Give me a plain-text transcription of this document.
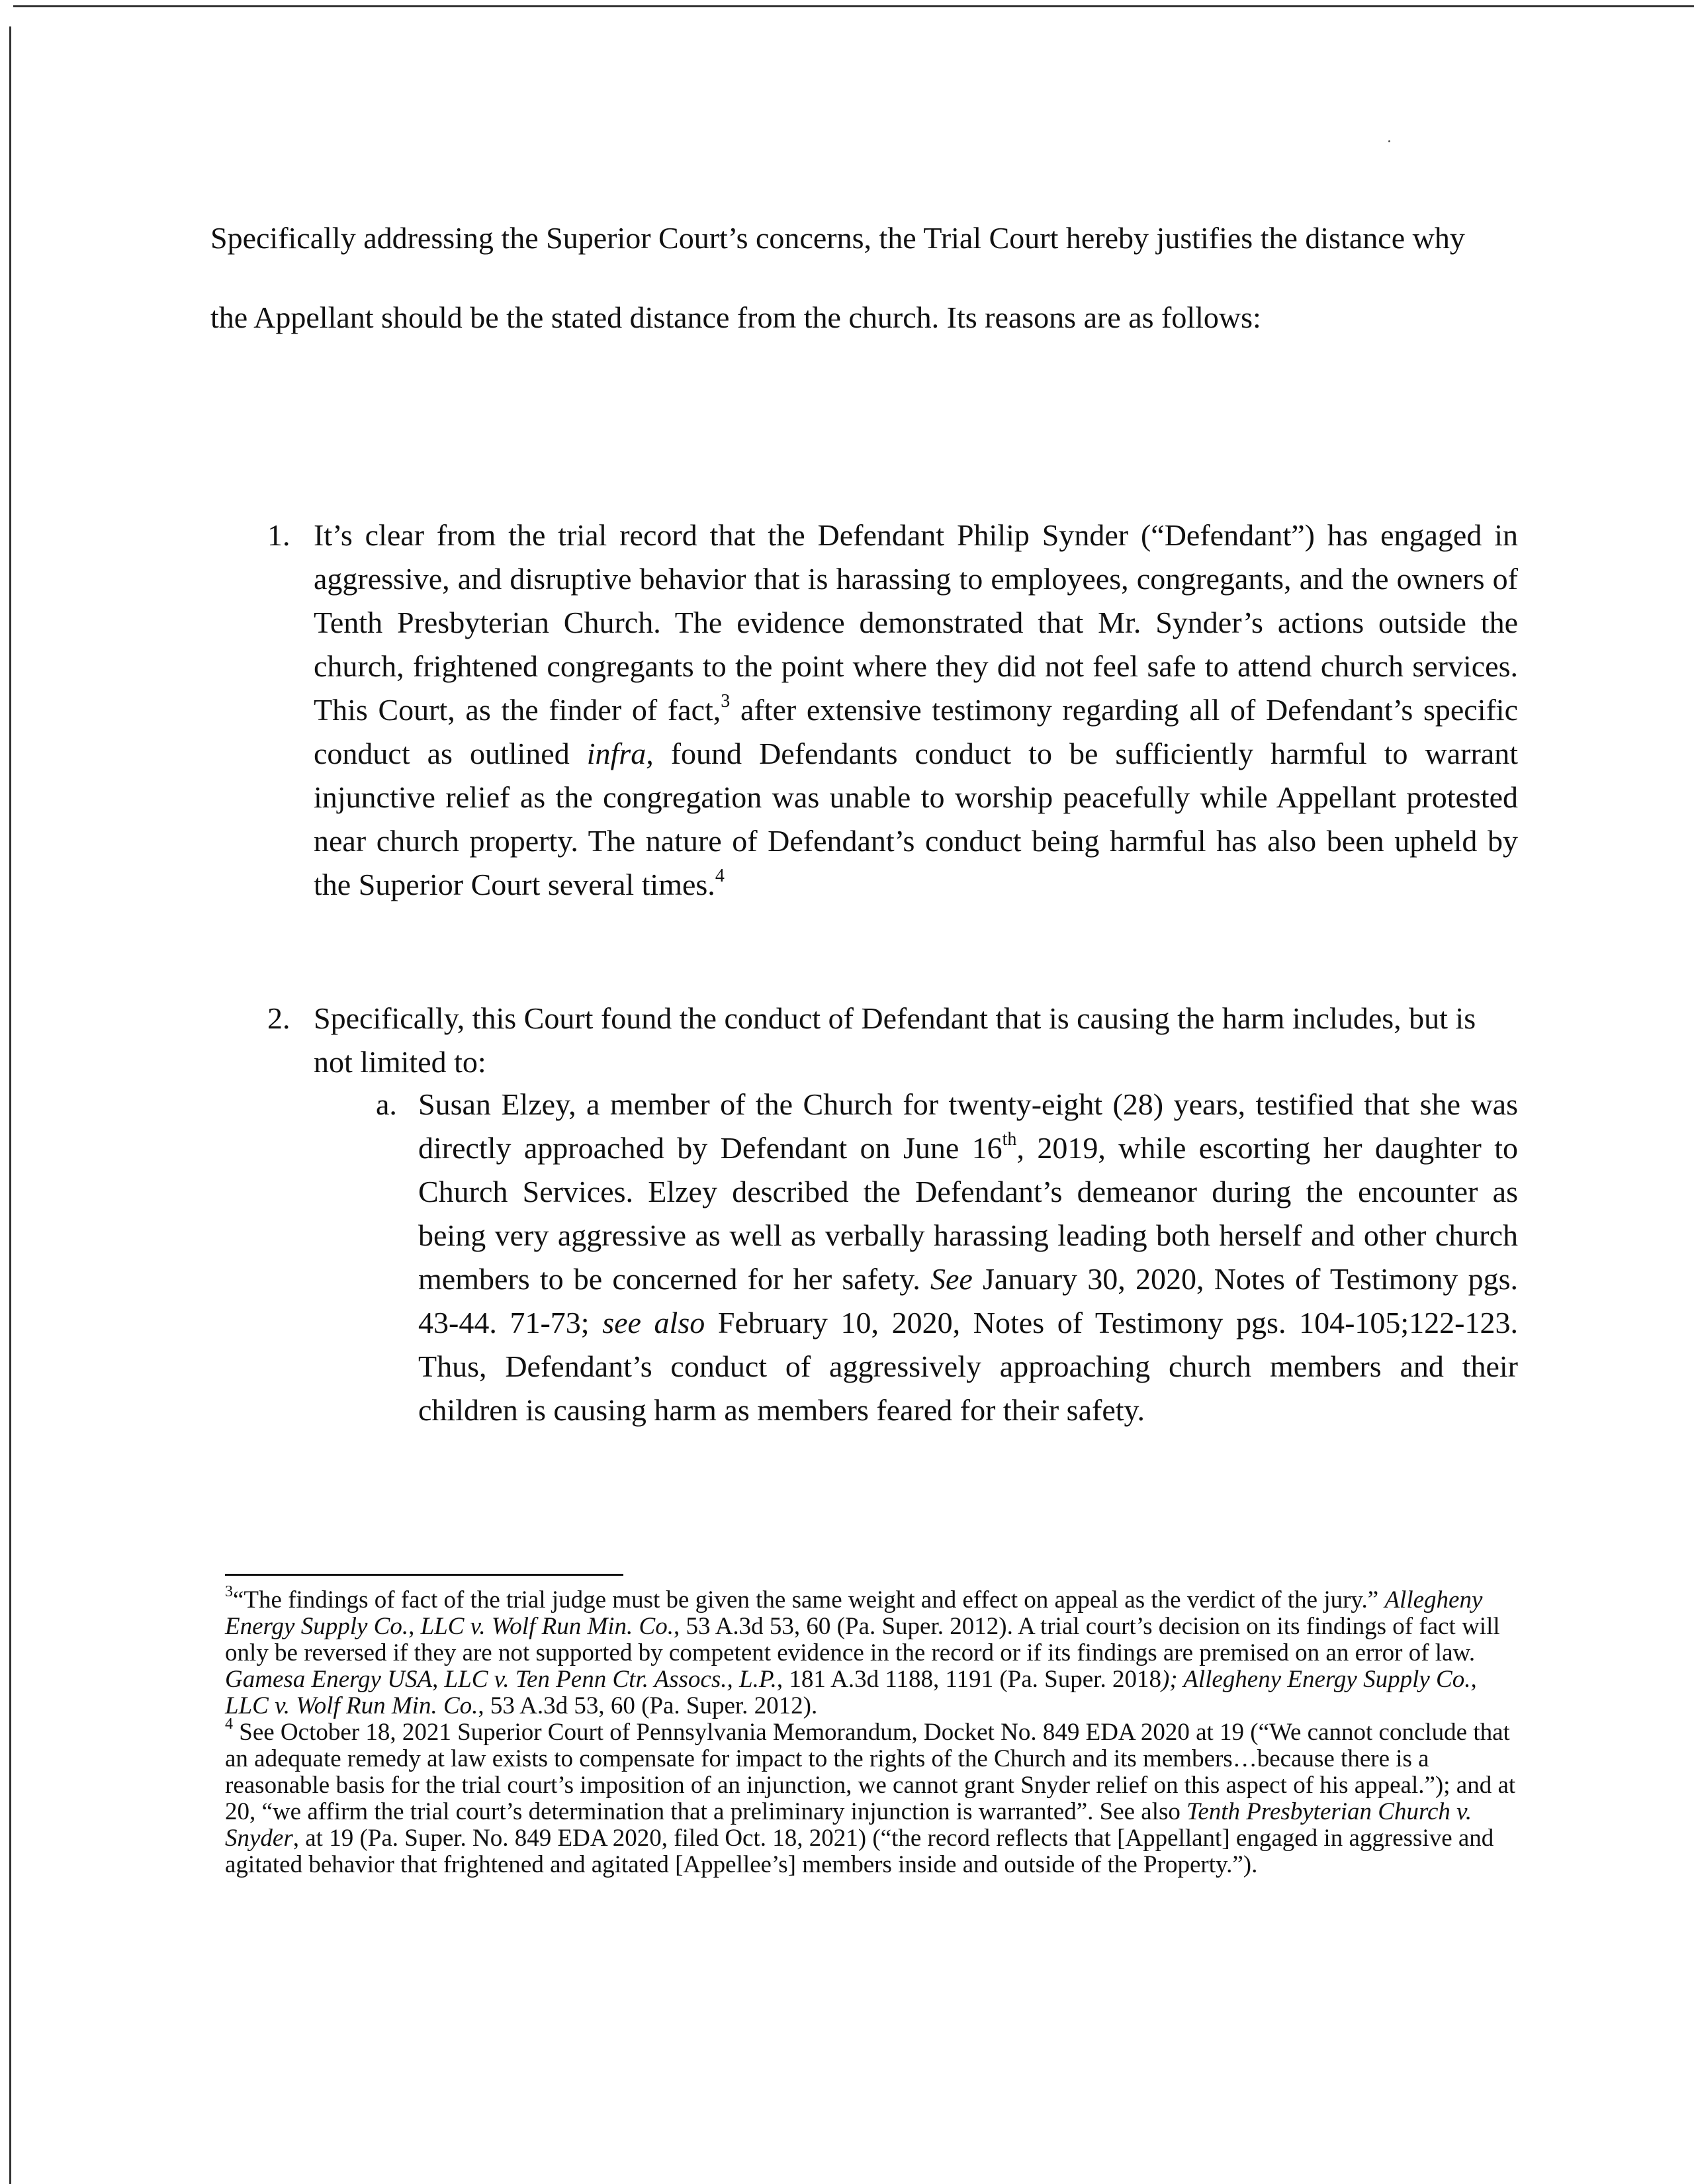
Specifically addressing the Superior Court’s concerns, the Trial Court hereby justifies the distance why the Appellant should be the stated distance from the church. Its reasons are as follows:

1. It’s clear from the trial record that the Defendant Philip Synder (“Defendant”) has engaged in aggressive, and disruptive behavior that is harassing to employees, congregants, and the owners of Tenth Presbyterian Church. The evidence demonstrated that Mr. Synder’s actions outside the church, frightened congregants to the point where they did not feel safe to attend church services. This Court, as the finder of fact,$^3$ after extensive testimony regarding all of Defendant’s specific conduct as outlined infra, found Defendants conduct to be sufficiently harmful to warrant injunctive relief as the congregation was unable to worship peacefully while Appellant protested near church property. The nature of Defendant’s conduct being harmful has also been upheld by the Superior Court several times.$^4$

2. Specifically, this Court found the conduct of Defendant that is causing the harm includes, but is not limited to:

a. Susan Elzey, a member of the Church for twenty-eight (28) years, testified that she was directly approached by Defendant on June 16th, 2019, while escorting her daughter to Church Services. Elzey described the Defendant’s demeanor during the encounter as being very aggressive as well as verbally harassing leading both herself and other church members to be concerned for her safety. See January 30, 2020, Notes of Testimony pgs. 43-44. 71-73; see also February 10, 2020, Notes of Testimony pgs. 104-105;122-123. Thus, Defendant’s conduct of aggressively approaching church members and their children is causing harm as members feared for their safety.

$^3$“The findings of fact of the trial judge must be given the same weight and effect on appeal as the verdict of the jury.” Allegheny Energy Supply Co., LLC v. Wolf Run Min. Co., 53 A.3d 53, 60 (Pa. Super. 2012). A trial court’s decision on its findings of fact will only be reversed if they are not supported by competent evidence in the record or if its findings are premised on an error of law. Gamesa Energy USA, LLC v. Ten Penn Ctr. Assocs., L.P., 181 A.3d 1188, 1191 (Pa. Super. 2018); Allegheny Energy Supply Co., LLC v. Wolf Run Min. Co., 53 A.3d 53, 60 (Pa. Super. 2012).

$^4$ See October 18, 2021 Superior Court of Pennsylvania Memorandum, Docket No. 849 EDA 2020 at 19 (“We cannot conclude that an adequate remedy at law exists to compensate for impact to the rights of the Church and its members…because there is a reasonable basis for the trial court’s imposition of an injunction, we cannot grant Snyder relief on this aspect of his appeal.”); and at 20, “we affirm the trial court’s determination that a preliminary injunction is warranted”. See also Tenth Presbyterian Church v. Snyder, at 19 (Pa. Super. No. 849 EDA 2020, filed Oct. 18, 2021) (“the record reflects that [Appellant] engaged in aggressive and agitated behavior that frightened and agitated [Appellee’s] members inside and outside of the Property.”).
